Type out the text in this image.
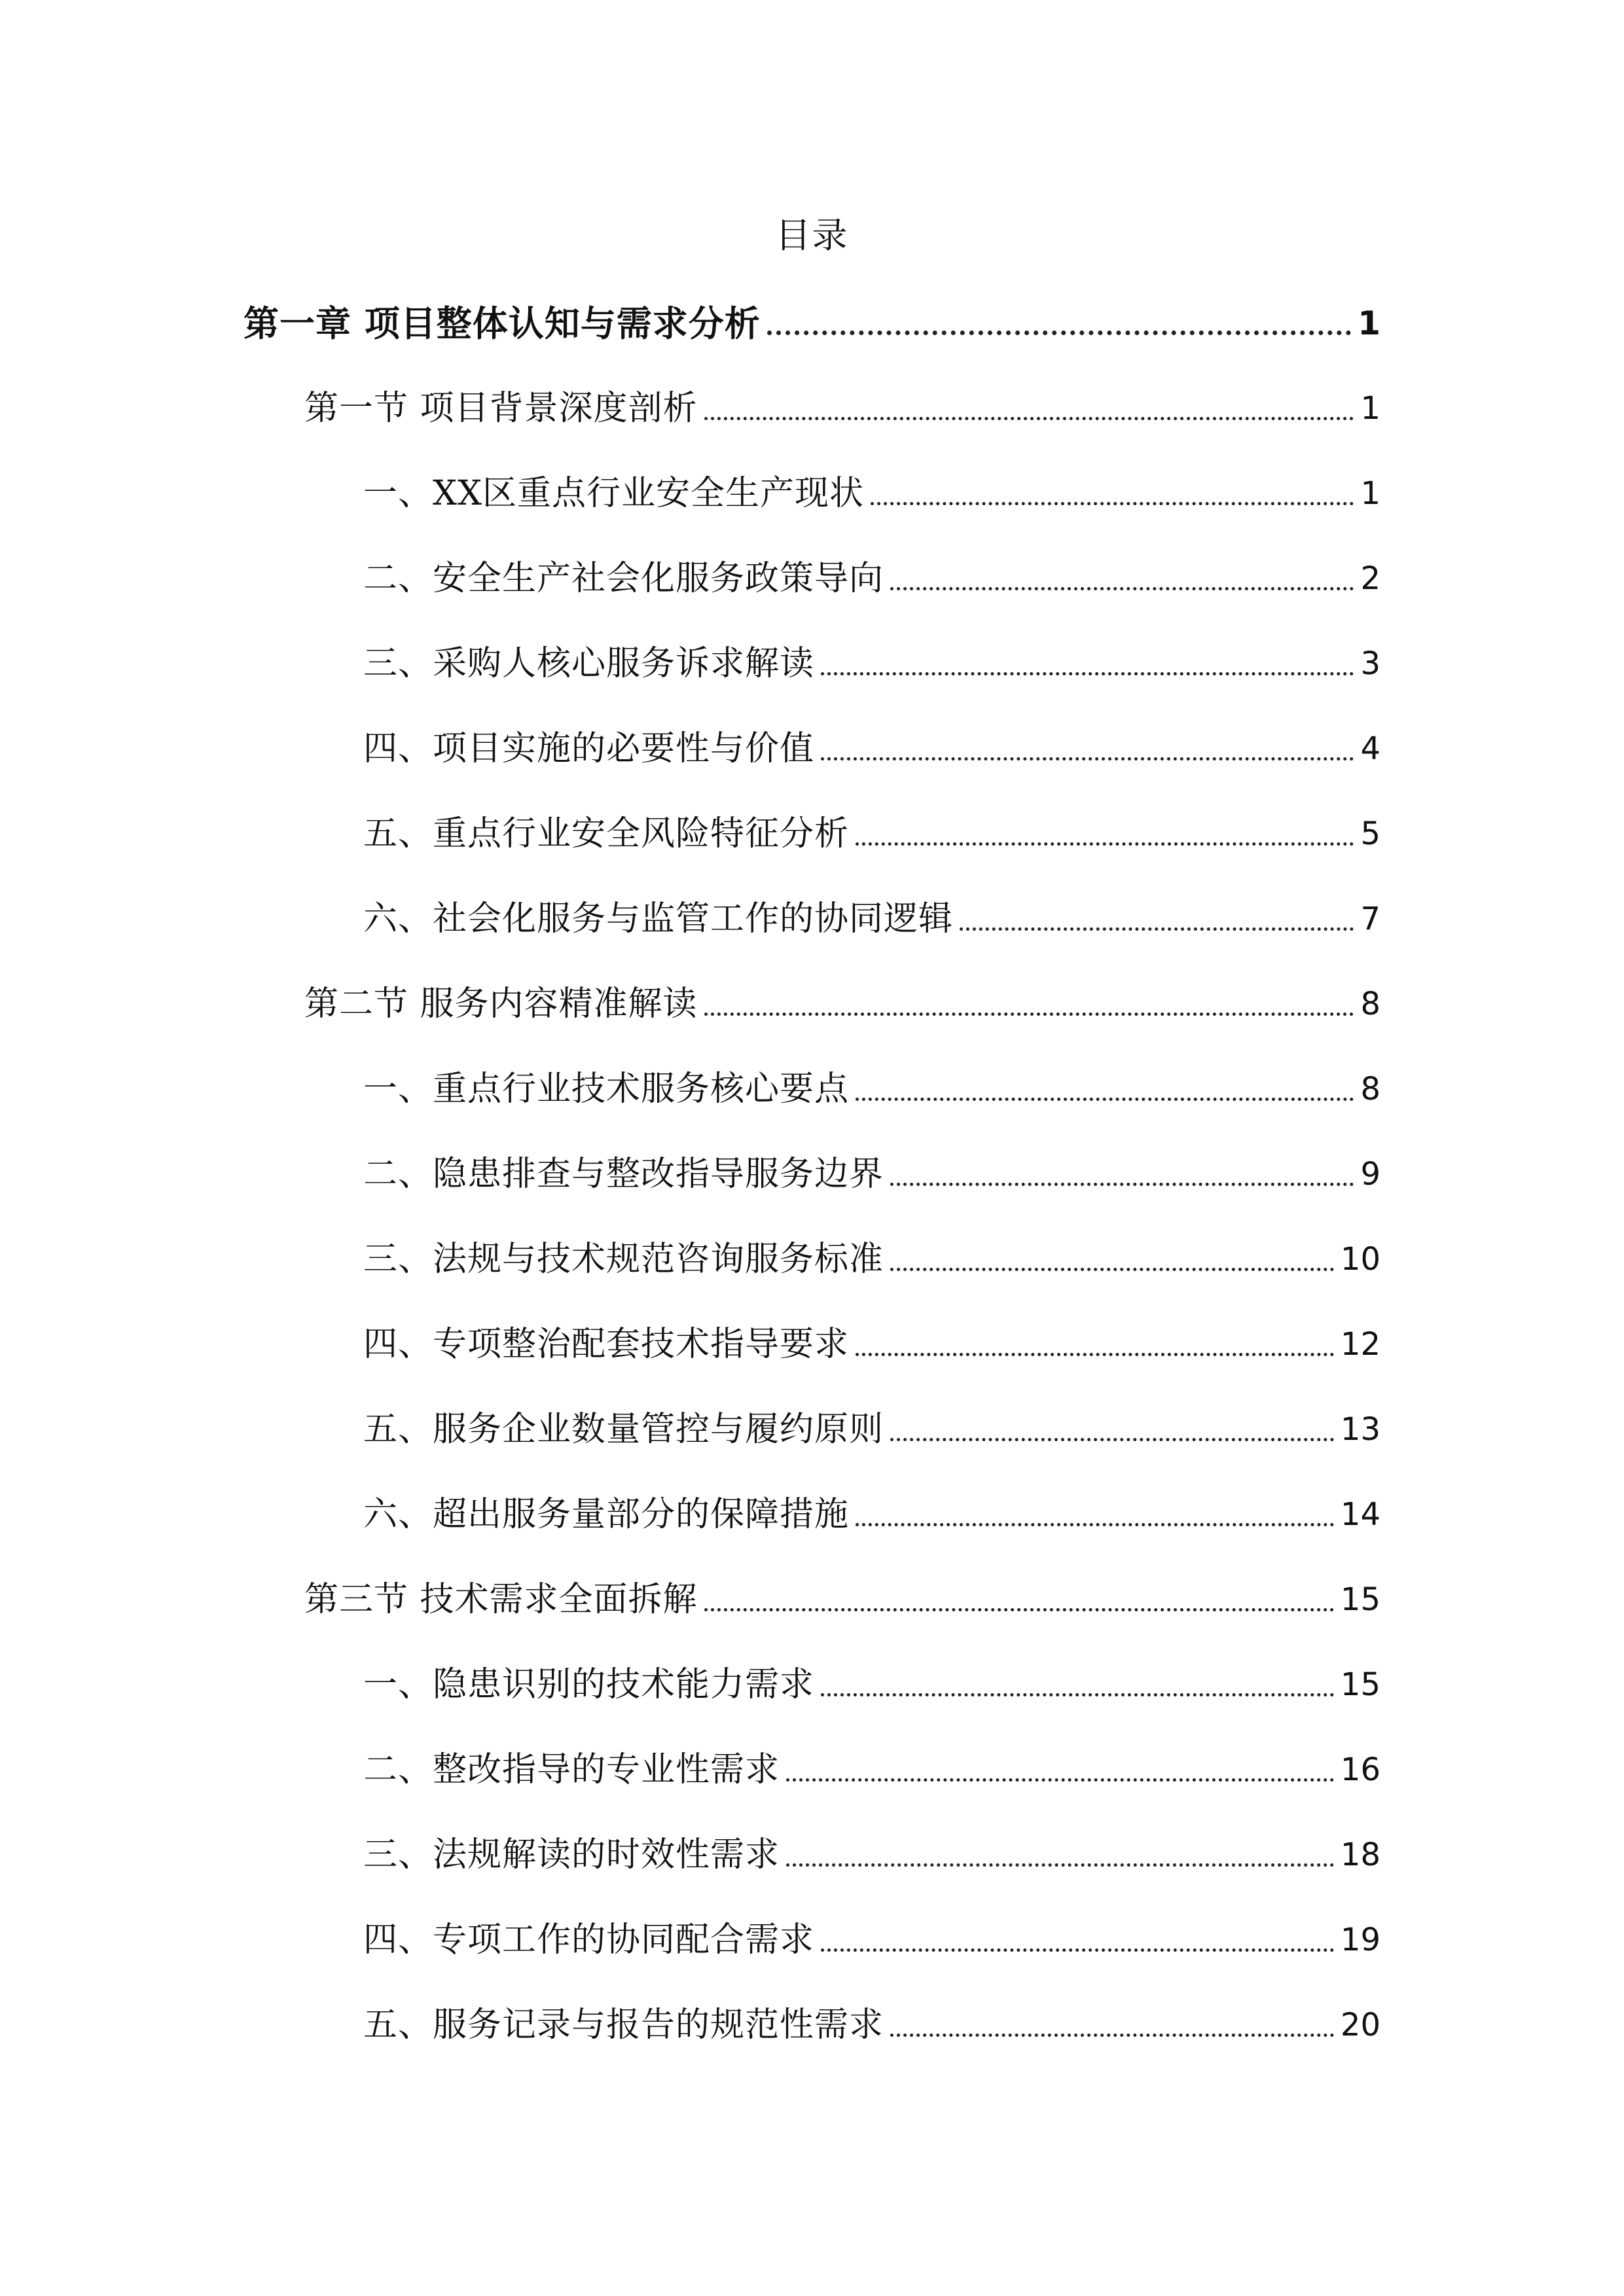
目录
第一章 项目整体认知与需求分析	1
第一节 项目背景深度剖析	1
一、XX区重点行业安全生产现状	1
二、安全生产社会化服务政策导向	2
三、采购人核心服务诉求解读	3
四、项目实施的必要性与价值	4
五、重点行业安全风险特征分析	5
六、社会化服务与监管工作的协同逻辑	7
第二节 服务内容精准解读	8
一、重点行业技术服务核心要点	8
二、隐患排查与整改指导服务边界	9
三、法规与技术规范咨询服务标准	10
四、专项整治配套技术指导要求	12
五、服务企业数量管控与履约原则	13
六、超出服务量部分的保障措施	14
第三节 技术需求全面拆解	15
一、隐患识别的技术能力需求	15
二、整改指导的专业性需求	16
三、法规解读的时效性需求	18
四、专项工作的协同配合需求	19
五、服务记录与报告的规范性需求	20
